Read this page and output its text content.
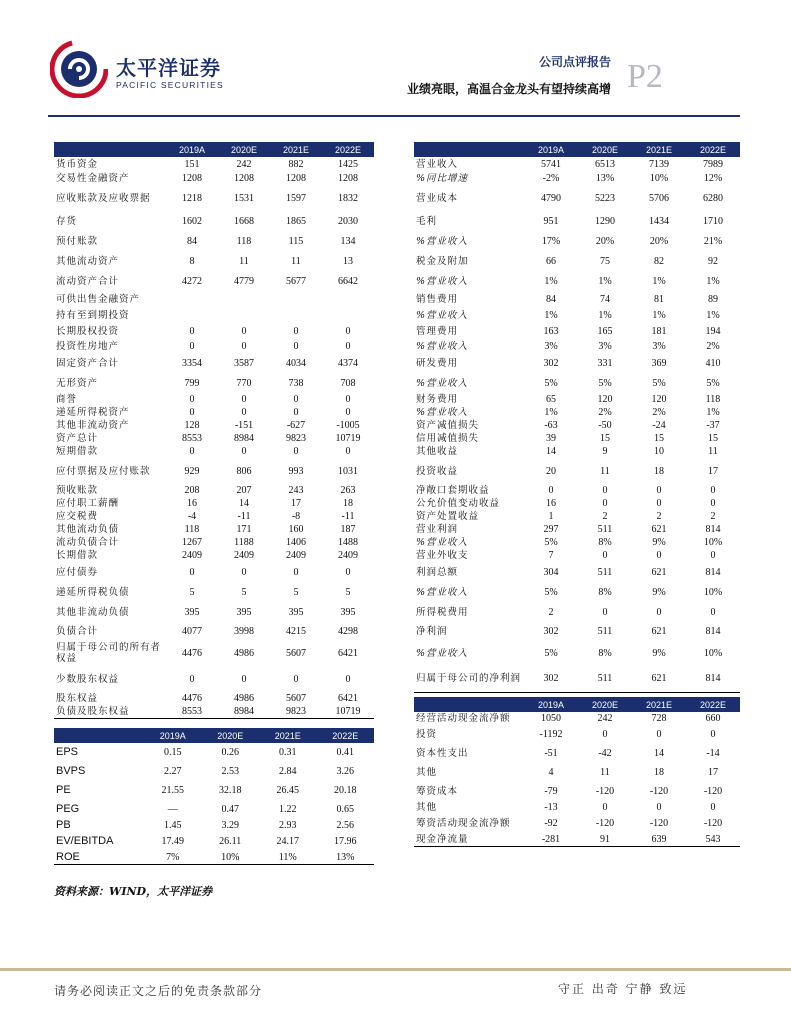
太平洋证券
PACIFIC SECURITIES
公司点评报告
业绩亮眼，高温合金龙头有望持续高增 P2
	2019A	2020E	2021E	2022E
货币资金	151	242	882	1425
交易性金融资产	1208	1208	1208	1208
应收账款及应收票据	1218	1531	1597	1832
存货	1602	1668	1865	2030
预付账款	84	118	115	134
其他流动资产	8	11	11	13
流动资产合计	4272	4779	5677	6642
可供出售金融资产				
持有至到期投资				
长期股权投资	0	0	0	0
投资性房地产	0	0	0	0
固定资产合计	3354	3587	4034	4374
无形资产	799	770	738	708
商誉	0	0	0	0
递延所得税资产	0	0	0	0
其他非流动资产	128	-151	-627	-1005
资产总计	8553	8984	9823	10719
短期借款	0	0	0	0
应付票据及应付账款	929	806	993	1031
预收账款	208	207	243	263
应付职工薪酬	16	14	17	18
应交税费	-4	-11	-8	-11
其他流动负债	118	171	160	187
流动负债合计	1267	1188	1406	1488
长期借款	2409	2409	2409	2409
应付债券	0	0	0	0
递延所得税负债	5	5	5	5
其他非流动负债	395	395	395	395
负债合计	4077	3998	4215	4298
归属于母公司的所有者权益	4476	4986	5607	6421
少数股东权益	0	0	0	0
股东权益	4476	4986	5607	6421
负债及股东权益	8553	8984	9823	10719
	2019A	2020E	2021E	2022E
EPS	0.15	0.26	0.31	0.41
BVPS	2.27	2.53	2.84	3.26
PE	21.55	32.18	26.45	20.18
PEG	—	0.47	1.22	0.65
PB	1.45	3.29	2.93	2.56
EV/EBITDA	17.49	26.11	24.17	17.96
ROE	7%	10%	11%	13%
	2019A	2020E	2021E	2022E
营业收入	5741	6513	7139	7989
%同比增速	-2%	13%	10%	12%
营业成本	4790	5223	5706	6280
毛利	951	1290	1434	1710
%营业收入	17%	20%	20%	21%
税金及附加	66	75	82	92
%营业收入	1%	1%	1%	1%
销售费用	84	74	81	89
%营业收入	1%	1%	1%	1%
管理费用	163	165	181	194
%营业收入	3%	3%	3%	2%
研发费用	302	331	369	410
%营业收入	5%	5%	5%	5%
财务费用	65	120	120	118
%营业收入	1%	2%	2%	1%
资产减值损失	-63	-50	-24	-37
信用减值损失	39	15	15	15
其他收益	14	9	10	11
投资收益	20	11	18	17
净敞口套期收益	0	0	0	0
公允价值变动收益	16	0	0	0
资产处置收益	1	2	2	2
营业利润	297	511	621	814
%营业收入	5%	8%	9%	10%
营业外收支	7	0	0	0
利润总额	304	511	621	814
%营业收入	5%	8%	9%	10%
所得税费用	2	0	0	0
净利润	302	511	621	814
%营业收入	5%	8%	9%	10%
归属于母公司的净利润	302	511	621	814
	2019A	2020E	2021E	2022E
经营活动现金流净额	1050	242	728	660
投资	-1192	0	0	0
资本性支出	-51	-42	14	-14
其他	4	11	18	17
筹资成本	-79	-120	-120	-120
其他	-13	0	0	0
筹资活动现金流净额	-92	-120	-120	-120
现金净流量	-281	91	639	543
资料来源：WIND，太平洋证券
请务必阅读正文之后的免责条款部分	守正 出奇 宁静 致远
